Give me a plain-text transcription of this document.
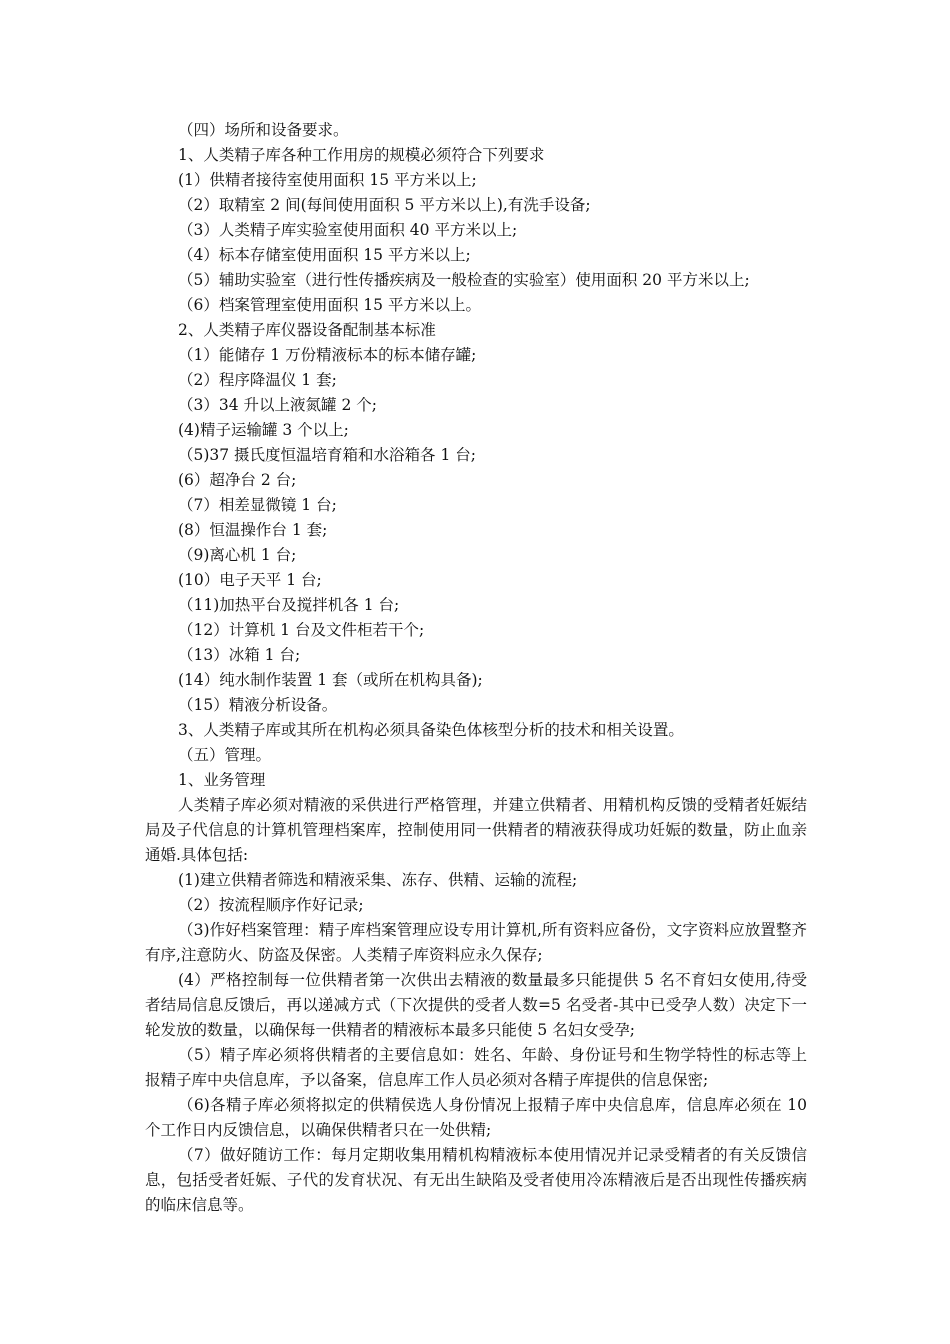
（四）场所和设备要求。
1、人类精子库各种工作用房的规模必须符合下列要求
(1）供精者接待室使用面积 15 平方米以上;
（2）取精室 2 间(每间使用面积 5 平方米以上),有洗手设备;
（3）人类精子库实验室使用面积 40 平方米以上;
（4）标本存储室使用面积 15 平方米以上;
（5）辅助实验室（进行性传播疾病及一般检查的实验室）使用面积 20 平方米以上;
（6）档案管理室使用面积 15 平方米以上。
2、人类精子库仪器设备配制基本标准
（1）能储存 1 万份精液标本的标本储存罐;
（2）程序降温仪 1 套;
（3）34 升以上液氮罐 2 个;
(4)精子运输罐 3 个以上;
（5)37 摄氏度恒温培育箱和水浴箱各 1 台;
(6）超净台 2 台;
（7）相差显微镜 1 台;
(8）恒温操作台 1 套;
（9)离心机 1 台;
(10）电子天平 1 台;
（11)加热平台及搅拌机各 1 台;
（12）计算机 1 台及文件柜若干个;
（13）冰箱 1 台;
(14）纯水制作装置 1 套（或所在机构具备);
（15）精液分析设备。
3、人类精子库或其所在机构必须具备染色体核型分析的技术和相关设置。
（五）管理。
1、业务管理

人类精子库必须对精液的采供进行严格管理，并建立供精者、用精机构反馈的受精者妊娠结局及子代信息的计算机管理档案库，控制使用同一供精者的精液获得成功妊娠的数量，防止血亲通婚.具体包括:

(1)建立供精者筛选和精液采集、冻存、供精、运输的流程;

（2）按流程顺序作好记录;

（3)作好档案管理：精子库档案管理应设专用计算机,所有资料应备份，文字资料应放置整齐有序,注意防火、防盗及保密。人类精子库资料应永久保存;

(4）严格控制每一位供精者第一次供出去精液的数量最多只能提供 5 名不育妇女使用,待受者结局信息反馈后，再以递减方式（下次提供的受者人数=5 名受者-其中已受孕人数）决定下一轮发放的数量，以确保每一供精者的精液标本最多只能使 5 名妇女受孕;

（5）精子库必须将供精者的主要信息如：姓名、年龄、身份证号和生物学特性的标志等上报精子库中央信息库，予以备案，信息库工作人员必须对各精子库提供的信息保密;

（6)各精子库必须将拟定的供精侯选人身份情况上报精子库中央信息库，信息库必须在 10 个工作日内反馈信息，以确保供精者只在一处供精;

（7）做好随访工作：每月定期收集用精机构精液标本使用情况并记录受精者的有关反馈信息，包括受者妊娠、子代的发育状况、有无出生缺陷及受者使用冷冻精液后是否出现性传播疾病的临床信息等。
